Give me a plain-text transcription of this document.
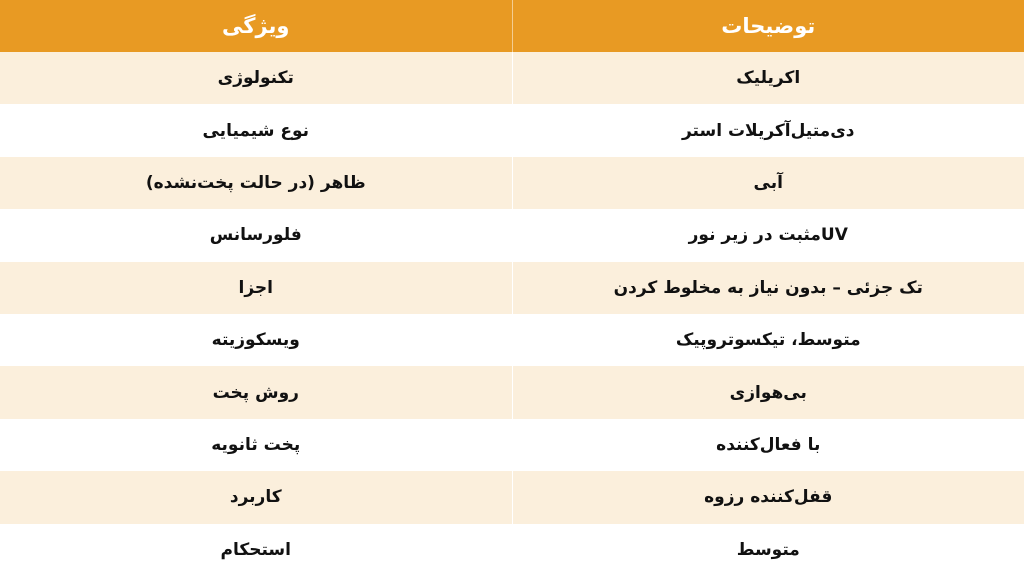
ویژگی	توضیحات
تکنولوژی	اکریلیک
نوع شیمیایی	دی‌متیل‌آکریلات استر
ظاهر (در حالت پخت‌نشده)	آبی
فلورسانس	UVمثبت در زیر نور
اجزا	تک جزئی – بدون نیاز به مخلوط کردن
ویسکوزیته	متوسط، تیکسوتروپیک
روش پخت	بی‌هوازی
پخت ثانویه	با فعال‌کننده
کاربرد	قفل‌کننده رزوه
استحکام	متوسط
